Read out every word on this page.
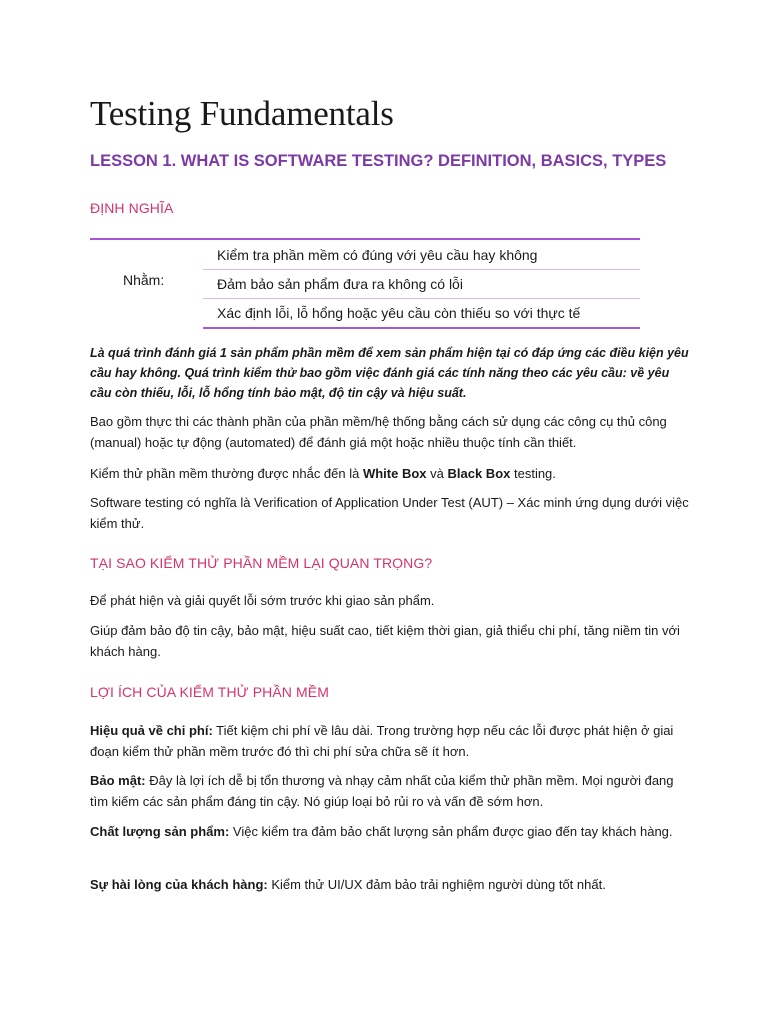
Testing Fundamentals
LESSON 1. WHAT IS SOFTWARE TESTING? DEFINITION, BASICS, TYPES
ĐỊNH NGHĨA
Nhằm:
Kiểm tra phần mềm có đúng với yêu cầu hay không
Đảm bảo sản phẩm đưa ra không có lỗi
Xác định lỗi, lỗ hổng hoặc yêu cầu còn thiếu so với thực tế

Là quá trình đánh giá 1 sản phẩm phần mềm để xem sản phẩm hiện tại có đáp ứng các điều kiện yêu cầu hay không. Quá trình kiểm thử bao gồm việc đánh giá các tính năng theo các yêu cầu: về yêu cầu còn thiếu, lỗi, lỗ hổng tính bảo mật, độ tin cậy và hiệu suất.

Bao gồm thực thi các thành phần của phần mềm/hệ thống bằng cách sử dụng các công cụ thủ công (manual) hoặc tự động (automated) để đánh giá một hoặc nhiều thuộc tính cần thiết.

Kiểm thử phần mềm thường được nhắc đến là White Box và Black Box testing.

Software testing có nghĩa là Verification of Application Under Test (AUT) – Xác minh ứng dụng dưới việc kiểm thử.

TẠI SAO KIỂM THỬ PHẦN MỀM LẠI QUAN TRỌNG?

Để phát hiện và giải quyết lỗi sớm trước khi giao sản phẩm.

Giúp đảm bảo độ tin cậy, bảo mật, hiệu suất cao, tiết kiệm thời gian, giả thiểu chi phí, tăng niềm tin với khách hàng.

LỢI ÍCH CỦA KIỂM THỬ PHẦN MỀM

Hiệu quả về chi phí: Tiết kiệm chi phí về lâu dài. Trong trường hợp nếu các lỗi được phát hiện ở giai đoạn kiểm thử phần mềm trước đó thì chi phí sửa chữa sẽ ít hơn.

Bảo mật: Đây là lợi ích dễ bị tổn thương và nhạy cảm nhất của kiểm thử phần mềm. Mọi người đang tìm kiếm các sản phẩm đáng tin cậy. Nó giúp loại bỏ rủi ro và vấn đề sớm hơn.

Chất lượng sản phẩm: Việc kiểm tra đảm bảo chất lượng sản phẩm được giao đến tay khách hàng.

Sự hài lòng của khách hàng: Kiểm thử UI/UX đảm bảo trải nghiệm người dùng tốt nhất.
